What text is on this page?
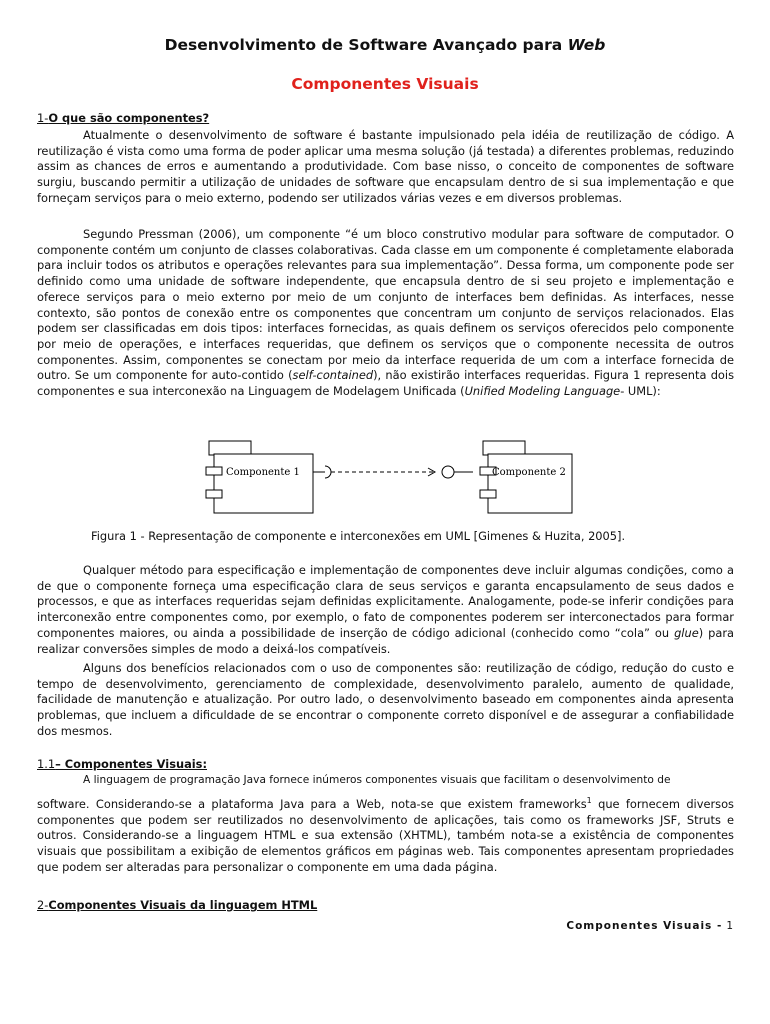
Desenvolvimento de Software Avançado para Web
Componentes Visuais
1-O que são componentes?

Atualmente o desenvolvimento de software é bastante impulsionado pela idéia de reutilização de código. A reutilização é vista como uma forma de poder aplicar uma mesma solução (já testada) a diferentes problemas, reduzindo assim as chances de erros e aumentando a produtividade. Com base nisso, o conceito de componentes de software surgiu, buscando permitir a utilização de unidades de software que encapsulam dentro de si sua implementação e que forneçam serviços para o meio externo, podendo ser utilizados várias vezes e em diversos problemas.

Segundo Pressman (2006), um componente “é um bloco construtivo modular para software de computador. O componente contém um conjunto de classes colaborativas. Cada classe em um componente é completamente elaborada para incluir todos os atributos e operações relevantes para sua implementação”. Dessa forma, um componente pode ser definido como uma unidade de software independente, que encapsula dentro de si seu projeto e implementação e oferece serviços para o meio externo por meio de um conjunto de interfaces bem definidas. As interfaces, nesse contexto, são pontos de conexão entre os componentes que concentram um conjunto de serviços relacionados. Elas podem ser classificadas em dois tipos: interfaces fornecidas, as quais definem os serviços oferecidos pelo componente por meio de operações, e interfaces requeridas, que definem os serviços que o componente necessita de outros componentes. Assim, componentes se conectam por meio da interface requerida de um com a interface fornecida de outro. Se um componente for auto-contido (self-contained), não existirão interfaces requeridas. Figura 1 representa dois componentes e sua interconexão na Linguagem de Modelagem Unificada (Unified Modeling Language- UML):

Componente 1	Componente 2
Figura 1 - Representação de componente e interconexões em UML [Gimenes & Huzita, 2005].

Qualquer método para especificação e implementação de componentes deve incluir algumas condições, como a de que o componente forneça uma especificação clara de seus serviços e garanta encapsulamento de seus dados e processos, e que as interfaces requeridas sejam definidas explicitamente. Analogamente, pode-se inferir condições para interconexão entre componentes como, por exemplo, o fato de componentes poderem ser interconectados para formar componentes maiores, ou ainda a possibilidade de inserção de código adicional (conhecido como “cola” ou glue) para realizar conversões simples de modo a deixá-los compatíveis.

Alguns dos benefícios relacionados com o uso de componentes são: reutilização de código, redução do custo e tempo de desenvolvimento, gerenciamento de complexidade, desenvolvimento paralelo, aumento de qualidade, facilidade de manutenção e atualização. Por outro lado, o desenvolvimento baseado em componentes ainda apresenta problemas, que incluem a dificuldade de se encontrar o componente correto disponível e de assegurar a confiabilidade dos mesmos.

1.1– Componentes Visuais:

A linguagem de programação Java fornece inúmeros componentes visuais que facilitam o desenvolvimento de

software. Considerando-se a plataforma Java para a Web, nota-se que existem frameworks$^1$ que fornecem diversos componentes que podem ser reutilizados no desenvolvimento de aplicações, tais como os frameworks JSF, Struts e outros. Considerando-se a linguagem HTML e sua extensão (XHTML), também nota-se a existência de componentes visuais que possibilitam a exibição de elementos gráficos em páginas web. Tais componentes apresentam propriedades que podem ser alteradas para personalizar o componente em uma dada página.

2-Componentes Visuais da linguagem HTML
Componentes Visuais - 1
